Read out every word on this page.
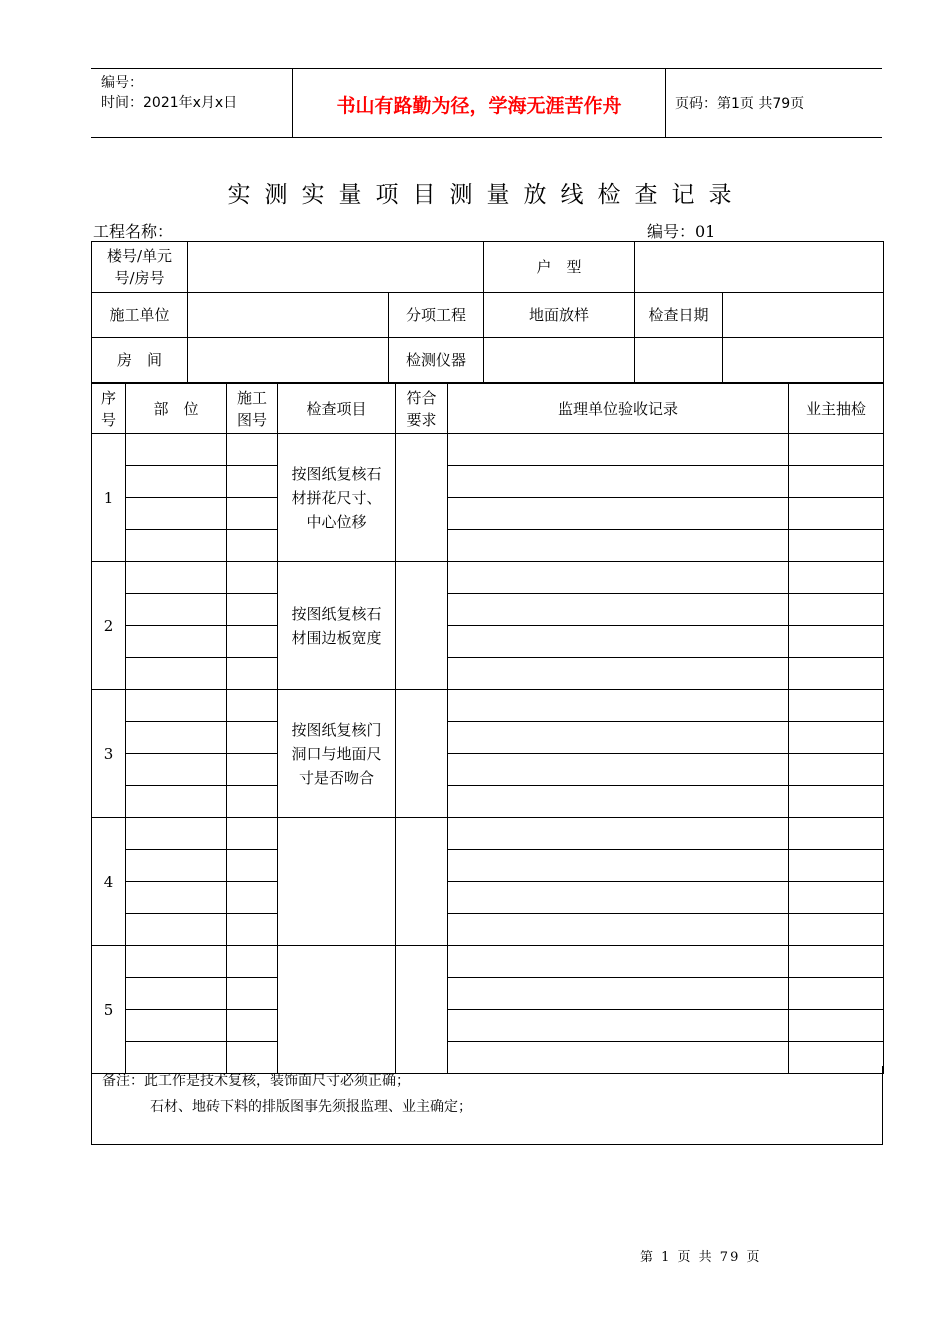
编号：
时间：2021年x月x日	书山有路勤为径，学海无涯苦作舟	页码：第1页 共79页
实测实量项目测量放线检查记录
工程名称：	编号：01
楼号/单元号/房号			户　型		
施工单位		分项工程	地面放样	检查日期	
房　间		检测仪器			
序号	部　位	施工图号	检查项目	符合要求	监理单位验收记录	业主抽检
1			按图纸复核石材拼花尺寸、中心位移			

2			按图纸复核石材围边板宽度			

3			按图纸复核门洞口与地面尺寸是否吻合			

4						

5						

备注：此工作是技术复核，装饰面尺寸必须正确；
石材、地砖下料的排版图事先须报监理、业主确定；
第 1 页 共 79 页
